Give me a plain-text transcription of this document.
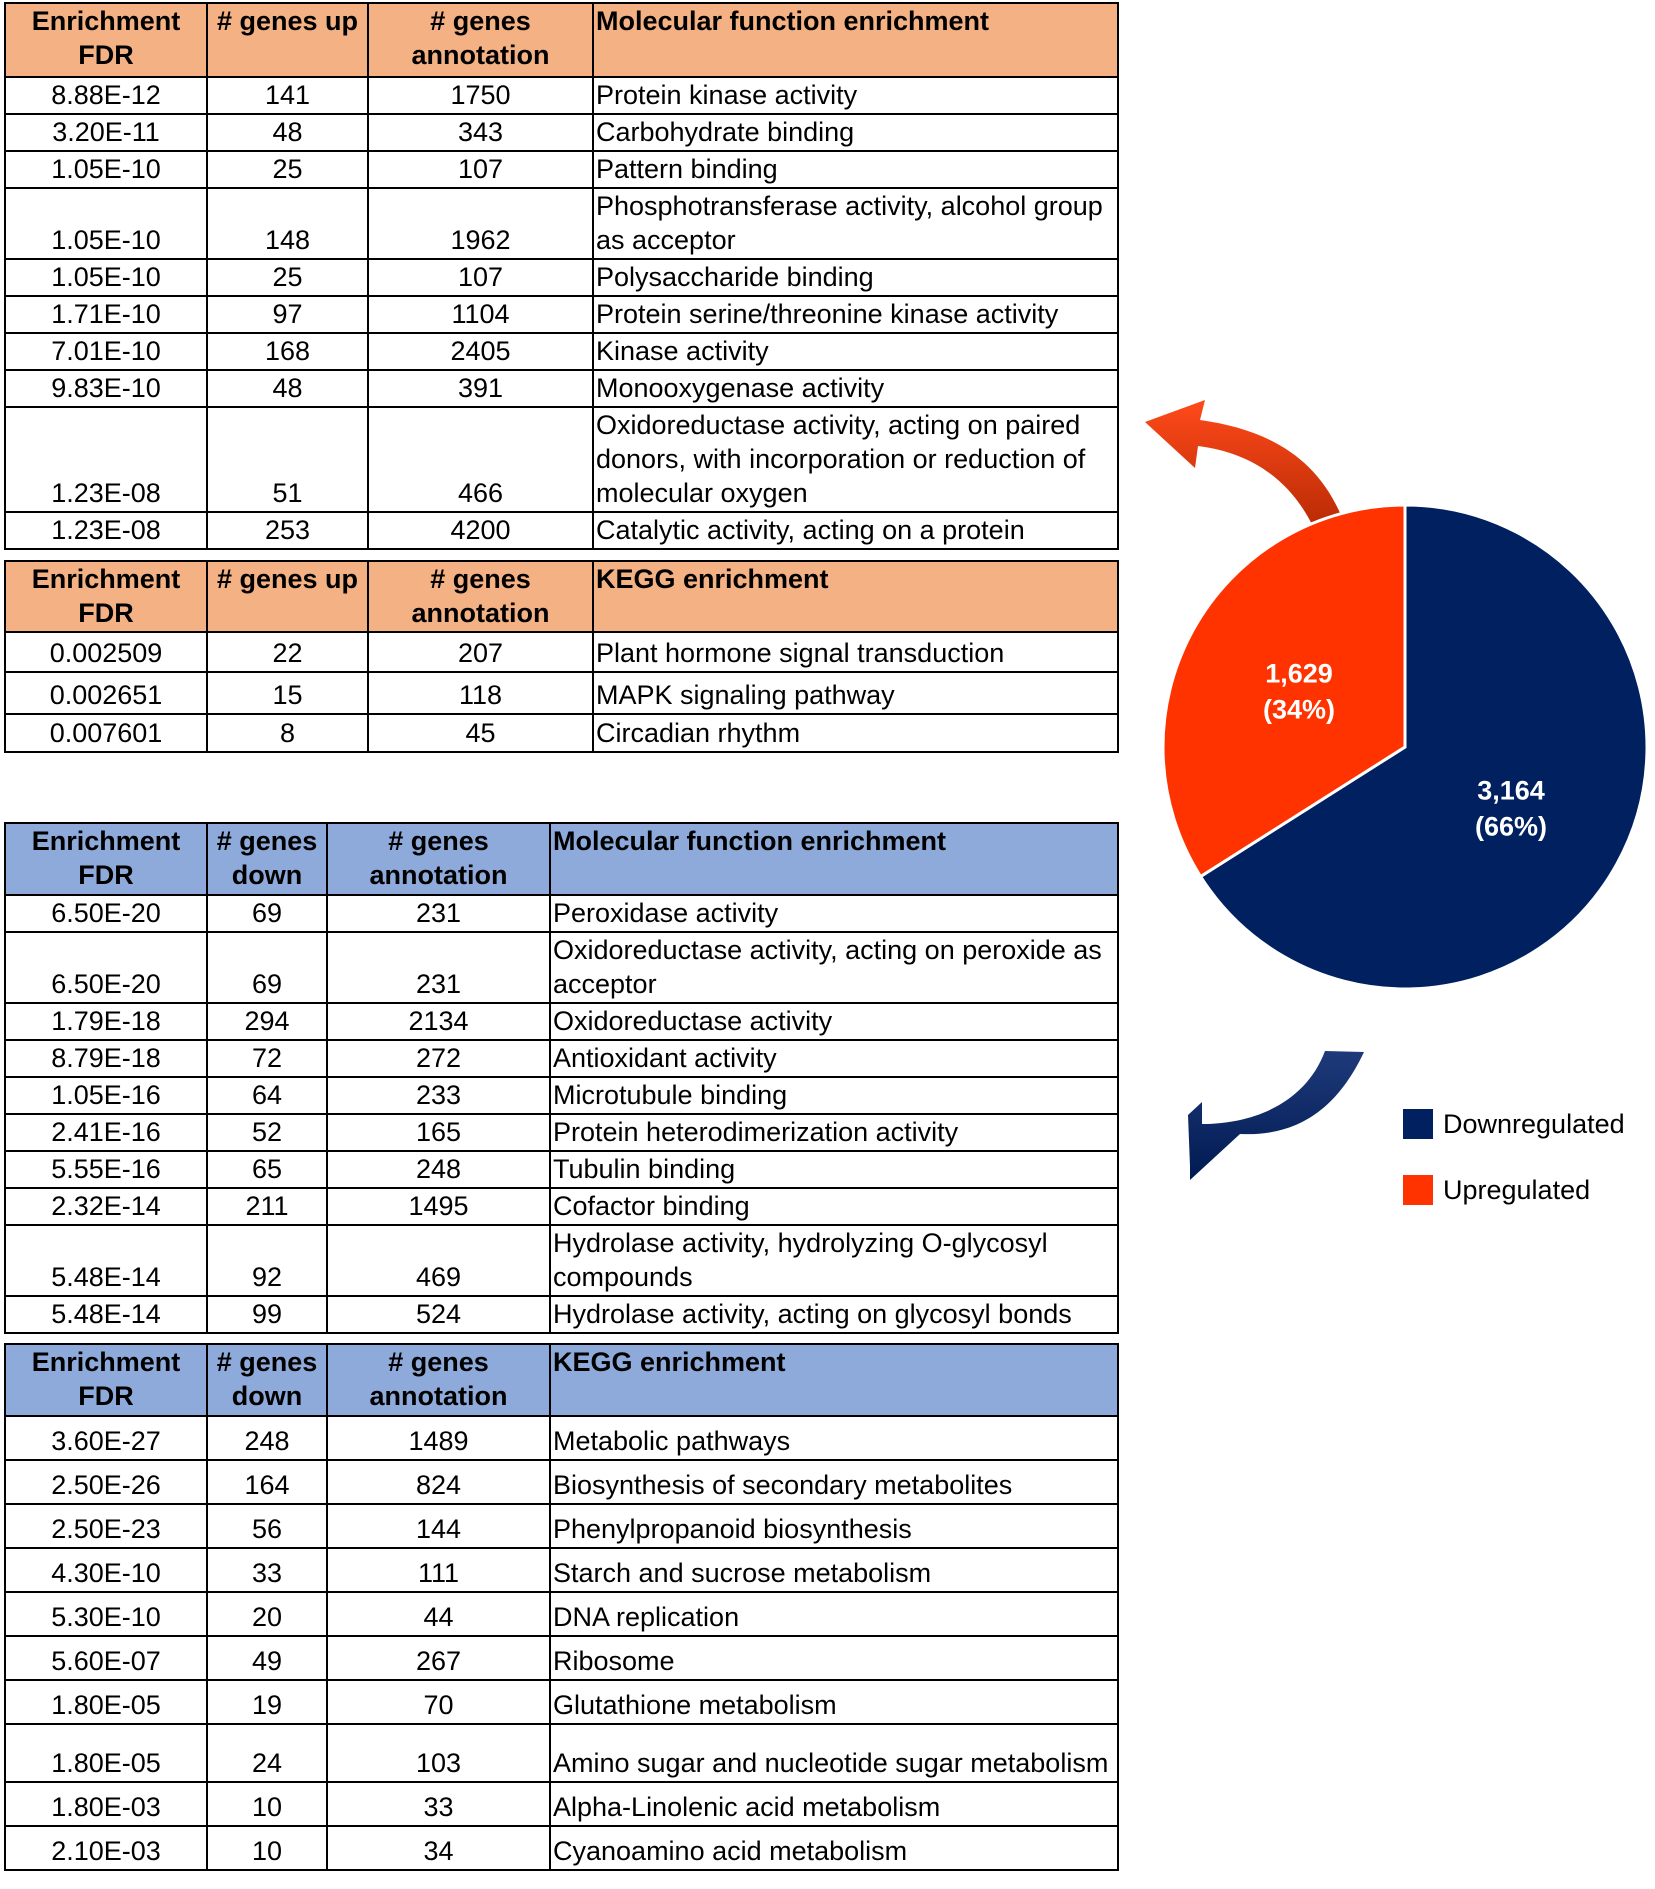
Enrichment FDR	# genes up	# genes annotation	Molecular function enrichment
8.88E-12	141	1750	Protein kinase activity
3.20E-11	48	343	Carbohydrate binding
1.05E-10	25	107	Pattern binding
1.05E-10	148	1962	Phosphotransferase activity, alcohol group as acceptor
1.05E-10	25	107	Polysaccharide binding
1.71E-10	97	1104	Protein serine/threonine kinase activity
7.01E-10	168	2405	Kinase activity
9.83E-10	48	391	Monooxygenase activity
1.23E-08	51	466	Oxidoreductase activity, acting on paired donors, with incorporation or reduction of molecular oxygen
1.23E-08	253	4200	Catalytic activity, acting on a protein
Enrichment FDR	# genes up	# genes annotation	KEGG enrichment
0.002509	22	207	Plant hormone signal transduction
0.002651	15	118	MAPK signaling pathway
0.007601	8	45	Circadian rhythm
Enrichment FDR	# genes down	# genes annotation	Molecular function enrichment
6.50E-20	69	231	Peroxidase activity
6.50E-20	69	231	Oxidoreductase activity, acting on peroxide as acceptor
1.79E-18	294	2134	Oxidoreductase activity
8.79E-18	72	272	Antioxidant activity
1.05E-16	64	233	Microtubule binding
2.41E-16	52	165	Protein heterodimerization activity
5.55E-16	65	248	Tubulin binding
2.32E-14	211	1495	Cofactor binding
5.48E-14	92	469	Hydrolase activity, hydrolyzing O-glycosyl compounds
5.48E-14	99	524	Hydrolase activity, acting on glycosyl bonds
Enrichment FDR	# genes down	# genes annotation	KEGG enrichment
3.60E-27	248	1489	Metabolic pathways
2.50E-26	164	824	Biosynthesis of secondary metabolites
2.50E-23	56	144	Phenylpropanoid biosynthesis
4.30E-10	33	111	Starch and sucrose metabolism
5.30E-10	20	44	DNA replication
5.60E-07	49	267	Ribosome
1.80E-05	19	70	Glutathione metabolism
1.80E-05	24	103	Amino sugar and nucleotide sugar metabolism
1.80E-03	10	33	Alpha-Linolenic acid metabolism
2.10E-03	10	34	Cyanoamino acid metabolism
3,164
(66%)
1,629
(34%)
Downregulated
Upregulated
